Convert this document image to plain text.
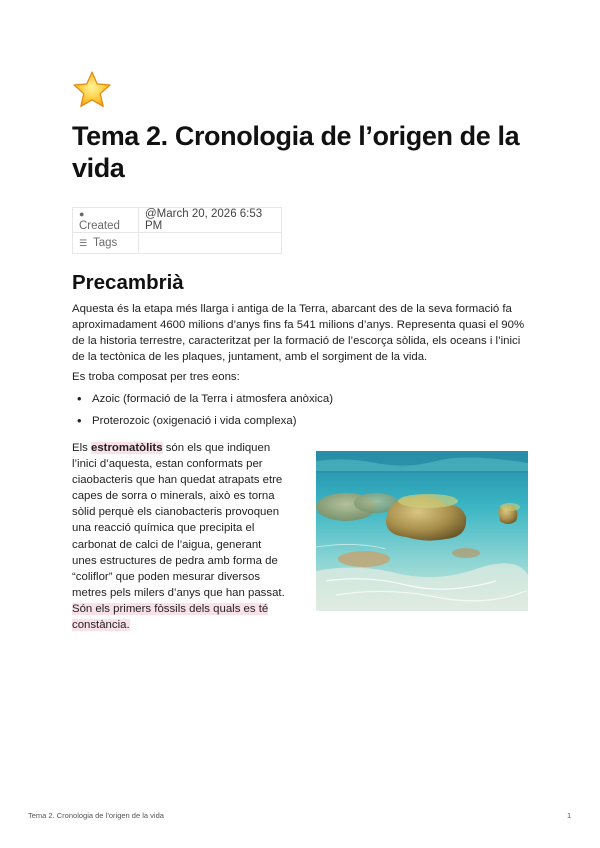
Tema 2. Cronologia de l’origen de la vida
●Created	@March 20, 2026 6:53 PM
☰ Tags	
Precambrià
Aquesta és la etapa més llarga i antiga de la Terra, abarcant des de la seva formació fa aproximadament 4600 milions d’anys fins fa 541 milions d’anys. Representa quasi el 90% de la historia terrestre, caracteritzat per la formació de l’escorça sòlida, els oceans i l’inici de la tectònica de les plaques, juntament, amb el sorgiment de la vida.
Es troba composat per tres eons:
• Azoic (formació de la Terra i atmosfera anòxica)
• Proterozoic (oxigenació i vida complexa)
Els estromatòlits són els que indiquen l’inici d’aquesta, estan conformats per ciaobacteris que han quedat atrapats etre capes de sorra o minerals, això es torna sòlid perquè els cianobacteris provoquen una reacció química que precipita el carbonat de calci de l’aigua, generant unes estructures de pedra amb forma de “coliflor” que poden mesurar diversos metres pels milers d’anys que han passat. Són els primers fòssils dels quals es té constància.
Tema 2. Cronologia de l’origen de la vida	1
